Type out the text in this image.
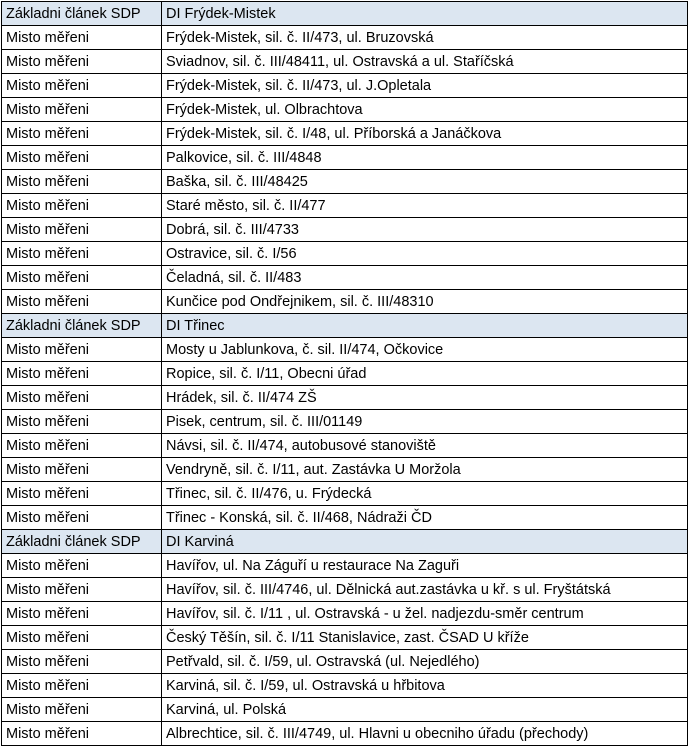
Základni článek SDP	DI Frýdek-Mistek
Misto měřeni	Frýdek-Mistek, sil. č. II/473, ul. Bruzovská
Misto měřeni	Sviadnov, sil. č. III/48411, ul. Ostravská a ul. Staříčská
Misto měřeni	Frýdek-Mistek, sil. č. II/473, ul. J.Opletala
Misto měřeni	Frýdek-Mistek, ul. Olbrachtova
Misto měřeni	Frýdek-Mistek, sil. č. I/48, ul. Příborská a Janáčkova
Misto měřeni	Palkovice, sil. č. III/4848
Misto měřeni	Baška, sil. č. III/48425
Misto měřeni	Staré město, sil. č. II/477
Misto měřeni	Dobrá, sil. č. III/4733
Misto měřeni	Ostravice, sil. č. I/56
Misto měřeni	Čeladná, sil. č. II/483
Misto měřeni	Kunčice pod Ondřejnikem, sil. č. III/48310
Základni článek SDP	DI Třinec
Misto měřeni	Mosty u Jablunkova, č. sil. II/474, Očkovice
Misto měřeni	Ropice, sil. č. I/11, Obecni úřad
Misto měřeni	Hrádek, sil. č. II/474 ZŠ
Misto měřeni	Pisek, centrum, sil. č. III/01149
Misto měřeni	Návsi, sil. č. II/474, autobusové stanoviště
Misto měřeni	Vendryně, sil. č. I/11, aut. Zastávka U Moržola
Misto měřeni	Třinec, sil. č. II/476, u. Frýdecká
Misto měřeni	Třinec - Konská, sil. č. II/468, Nádraži ČD
Základni článek SDP	DI Karviná
Misto měřeni	Havířov, ul. Na Záguří u restaurace Na Zaguři
Misto měřeni	Havířov, sil. č. III/4746, ul. Dělnická aut.zastávka u kř. s ul. Fryštátská
Misto měřeni	Havířov, sil. č. I/11 , ul. Ostravská - u žel. nadjezdu-směr centrum
Misto měřeni	Český Těšín, sil. č. I/11 Stanislavice, zast. ČSAD U kříže
Misto měřeni	Petřvald, sil. č. I/59, ul. Ostravská (ul. Nejedlého)
Misto měřeni	Karviná, sil. č. I/59, ul. Ostravská u hřbitova
Misto měřeni	Karviná, ul. Polská
Misto měřeni	Albrechtice, sil. č. III/4749, ul. Hlavni u obecniho úřadu (přechody)
